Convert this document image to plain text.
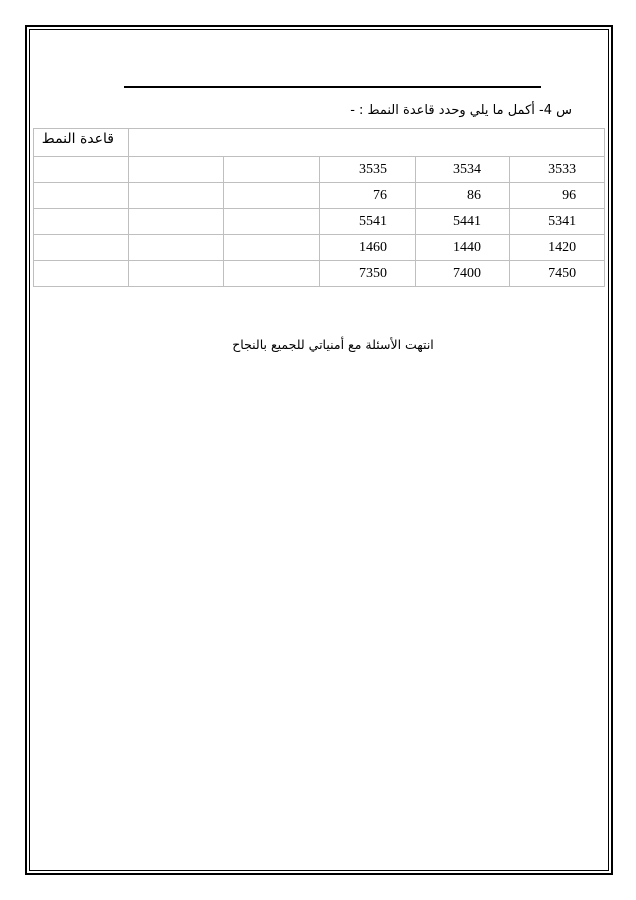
س 4- أكمل ما يلي وحدد قاعدة النمط : -
قاعدة النمط					
			3535	3534	3533
			76	86	96
			5541	5441	5341
			1460	1440	1420
			7350	7400	7450
انتهت الأسئلة مع أمنياتي للجميع بالنجاح
